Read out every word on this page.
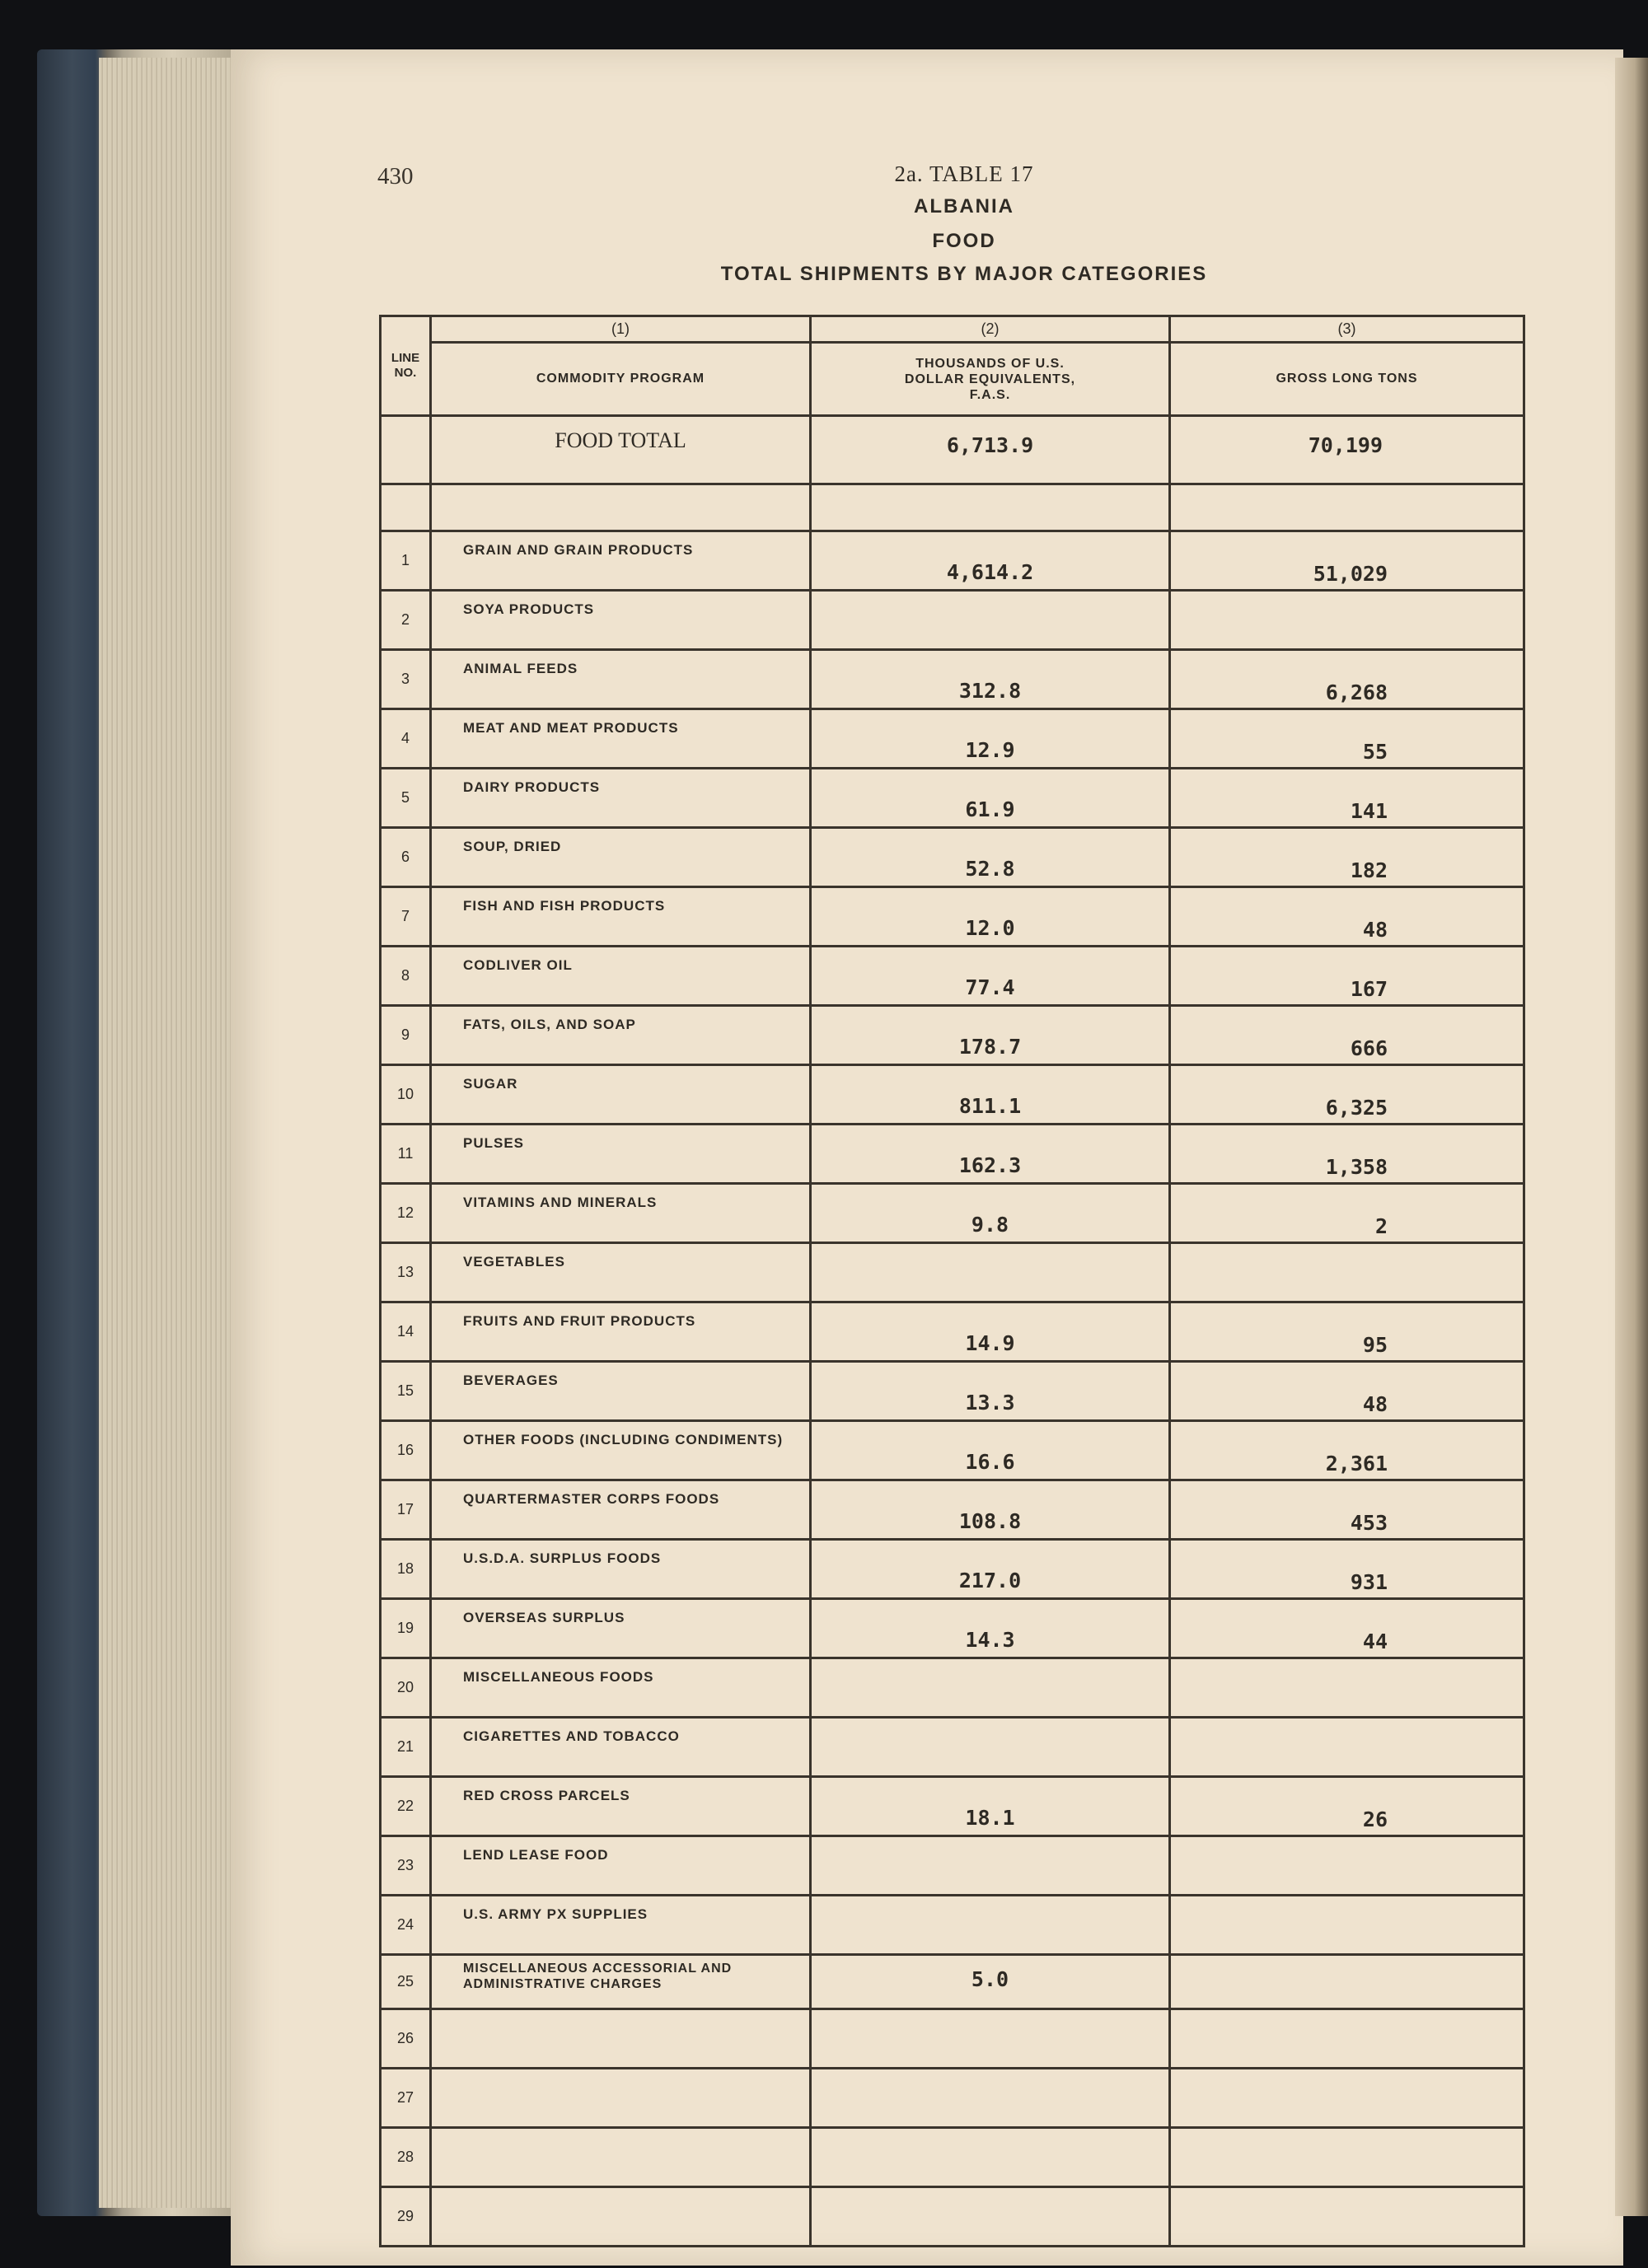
430	2a. TABLE 17
ALBANIA
FOOD
TOTAL SHIPMENTS BY MAJOR CATEGORIES
LINE
NO.	(1)	(2)	(3)
	COMMODITY PROGRAM	THOUSANDS OF U.S. DOLLAR EQUIVALENTS, F.A.S.	GROSS LONG TONS
	FOOD TOTAL	6,713.9	70,199

1	GRAIN AND GRAIN PRODUCTS	4,614.2	51,029
2	SOYA PRODUCTS		
3	ANIMAL FEEDS	312.8	6,268
4	MEAT AND MEAT PRODUCTS	12.9	55
5	DAIRY PRODUCTS	61.9	141
6	SOUP, DRIED	52.8	182
7	FISH AND FISH PRODUCTS	12.0	48
8	CODLIVER OIL	77.4	167
9	FATS, OILS, AND SOAP	178.7	666
10	SUGAR	811.1	6,325
11	PULSES	162.3	1,358
12	VITAMINS AND MINERALS	9.8	2
13	VEGETABLES		
14	FRUITS AND FRUIT PRODUCTS	14.9	95
15	BEVERAGES	13.3	48
16	OTHER FOODS (INCLUDING CONDIMENTS)	16.6	2,361
17	QUARTERMASTER CORPS FOODS	108.8	453
18	U.S.D.A. SURPLUS FOODS	217.0	931
19	OVERSEAS SURPLUS	14.3	44
20	MISCELLANEOUS FOODS		
21	CIGARETTES AND TOBACCO		
22	RED CROSS PARCELS	18.1	26
23	LEND LEASE FOOD		
24	U.S. ARMY PX SUPPLIES		
25	MISCELLANEOUS ACCESSORIAL AND ADMINISTRATIVE CHARGES	5.0	
26			
27			
28			
29			
